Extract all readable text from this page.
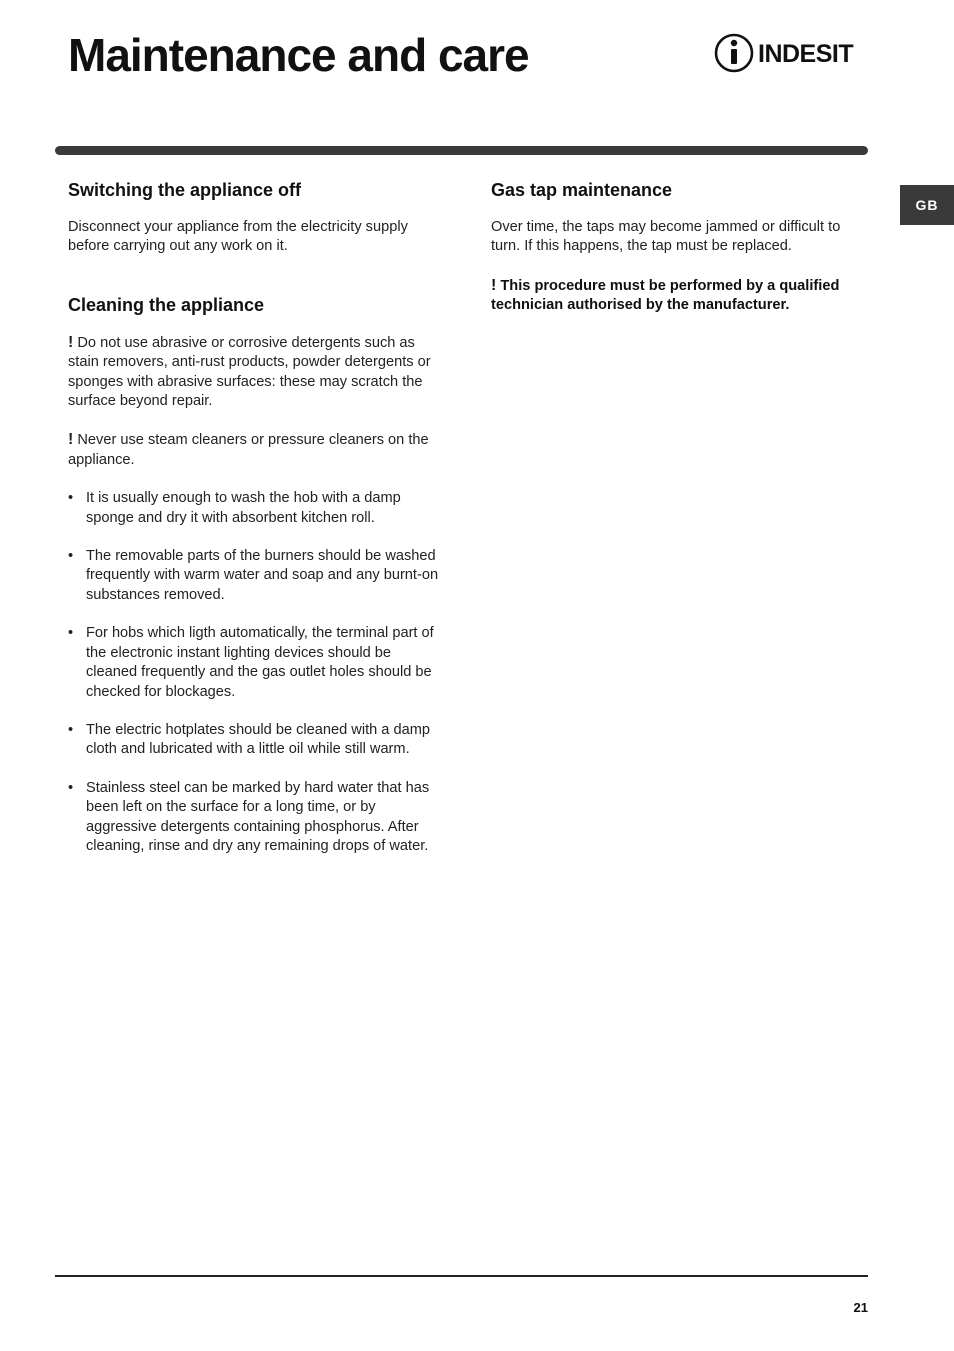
Maintenance and care	INDESIT
GB
Switching the appliance off

Disconnect your appliance from the electricity supply before carrying out any work on it.

Cleaning the appliance

! Do not use abrasive or corrosive detergents such as stain removers, anti-rust products, powder detergents or sponges with abrasive surfaces: these may scratch the surface beyond repair.

! Never use steam cleaners or pressure cleaners on the appliance.

• It is usually enough to wash the hob with a damp sponge and dry it with absorbent kitchen roll.
• The removable parts of the burners should be washed frequently with warm water and soap and any burnt-on substances removed.
• For hobs which ligth automatically, the terminal part of the electronic instant lighting devices should be cleaned frequently and the gas outlet holes should be checked for blockages.
• The electric hotplates should be cleaned with a damp cloth and lubricated with a little oil while still warm.
• Stainless steel can be marked by hard water that has been left on the surface for a long time, or by aggressive detergents containing phosphorus. After cleaning, rinse and dry any remaining drops of water.
Gas tap maintenance

Over time, the taps may become jammed or difficult to turn. If this happens, the tap must be replaced.

! This procedure must be performed by a qualified technician authorised by the manufacturer.

21
